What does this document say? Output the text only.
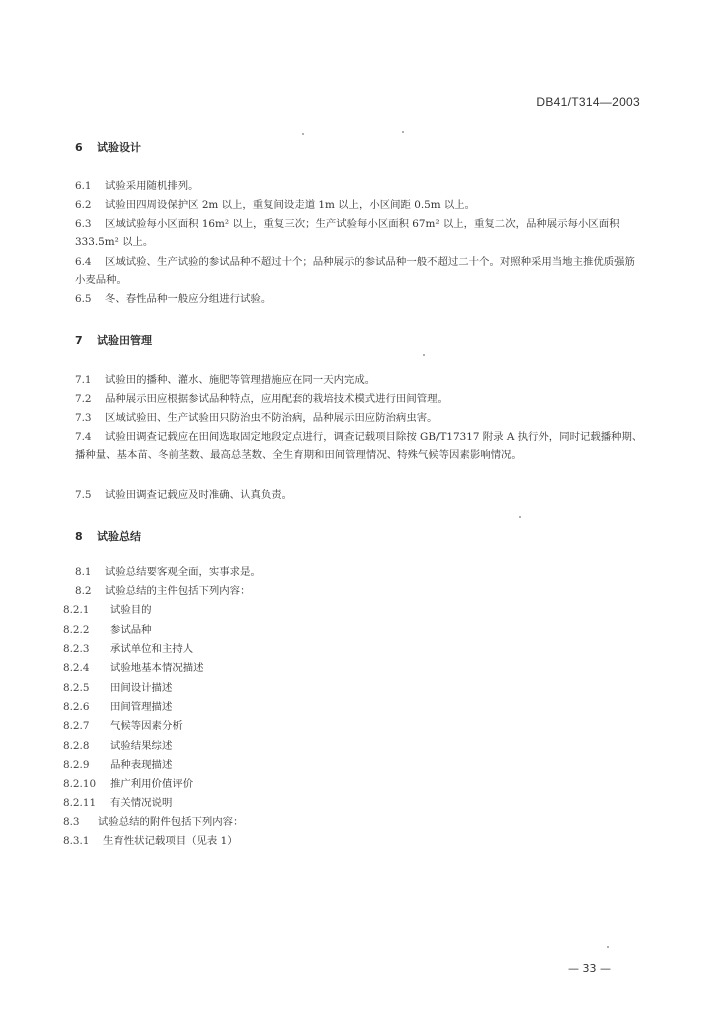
DB41/T314—2003
6 试验设计
6.1 试验采用随机排列。
6.2 试验田四周设保护区 2m 以上，重复间设走道 1m 以上，小区间距 0.5m 以上。
6.3 区域试验每小区面积 16m² 以上，重复三次；生产试验每小区面积 67m² 以上，重复二次，品种展示每小区面积 333.5m² 以上。
6.4 区域试验、生产试验的参试品种不超过十个；品种展示的参试品种一般不超过二十个。对照种采用当地主推优质强筋小麦品种。
6.5 冬、春性品种一般应分组进行试验。
7 试验田管理
7.1 试验田的播种、灌水、施肥等管理措施应在同一天内完成。
7.2 品种展示田应根据参试品种特点，应用配套的栽培技术模式进行田间管理。
7.3 区域试验田、生产试验田只防治虫不防治病，品种展示田应防治病虫害。
7.4 试验田调查记载应在田间选取固定地段定点进行，调查记载项目除按 GB/T17317 附录 A 执行外，同时记载播种期、播种量、基本苗、冬前茎数、最高总茎数、全生育期和田间管理情况、特殊气候等因素影响情况。
7.5 试验田调查记载应及时准确、认真负责。
8 试验总结
8.1 试验总结要客观全面，实事求是。
8.2 试验总结的主件包括下列内容：
8.2.1 试验目的
8.2.2 参试品种
8.2.3 承试单位和主持人
8.2.4 试验地基本情况描述
8.2.5 田间设计描述
8.2.6 田间管理描述
8.2.7 气候等因素分析
8.2.8 试验结果综述
8.2.9 品种表现描述
8.2.10 推广利用价值评价
8.2.11 有关情况说明
8.3 试验总结的附件包括下列内容：
8.3.1 生育性状记载项目（见表 1）
— 33 —
